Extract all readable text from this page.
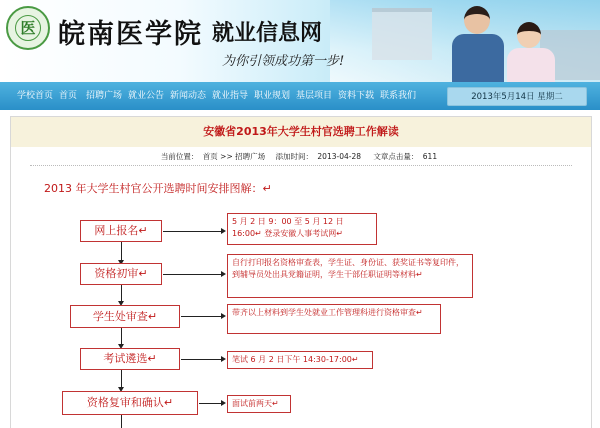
医 皖南医学院 就业信息网
为你引领成功第一步!
学校首页 首页 招聘广场 就业公告 新闻动态 就业指导 职业规划 基层项目 资料下载 联系我们	2013年5月14日 星期二
安徽省2013年大学生村官选聘工作解读
当前位置： 首页 >> 招聘广场 添加时间： 2013-04-28 文章点击量： 611
2013 年大学生村官公开选聘时间安排图解：↵
网上报名↵
资格初审↵
学生处审查↵
考试遴选↵
资格复审和确认↵
5 月 2 日 9：00 至 5 月 12 日 16:00↵ 登录安徽人事考试网↵
自行打印报名资格审查表，学生证、身份证、获奖证书等复印件，到辅导员处出具党籍证明，学生干部任职证明等材料↵
带齐以上材料到学生处就业工作管理科进行资格审查↵
笔试 6 月 2 日下午 14:30-17:00↵
面试前两天↵
